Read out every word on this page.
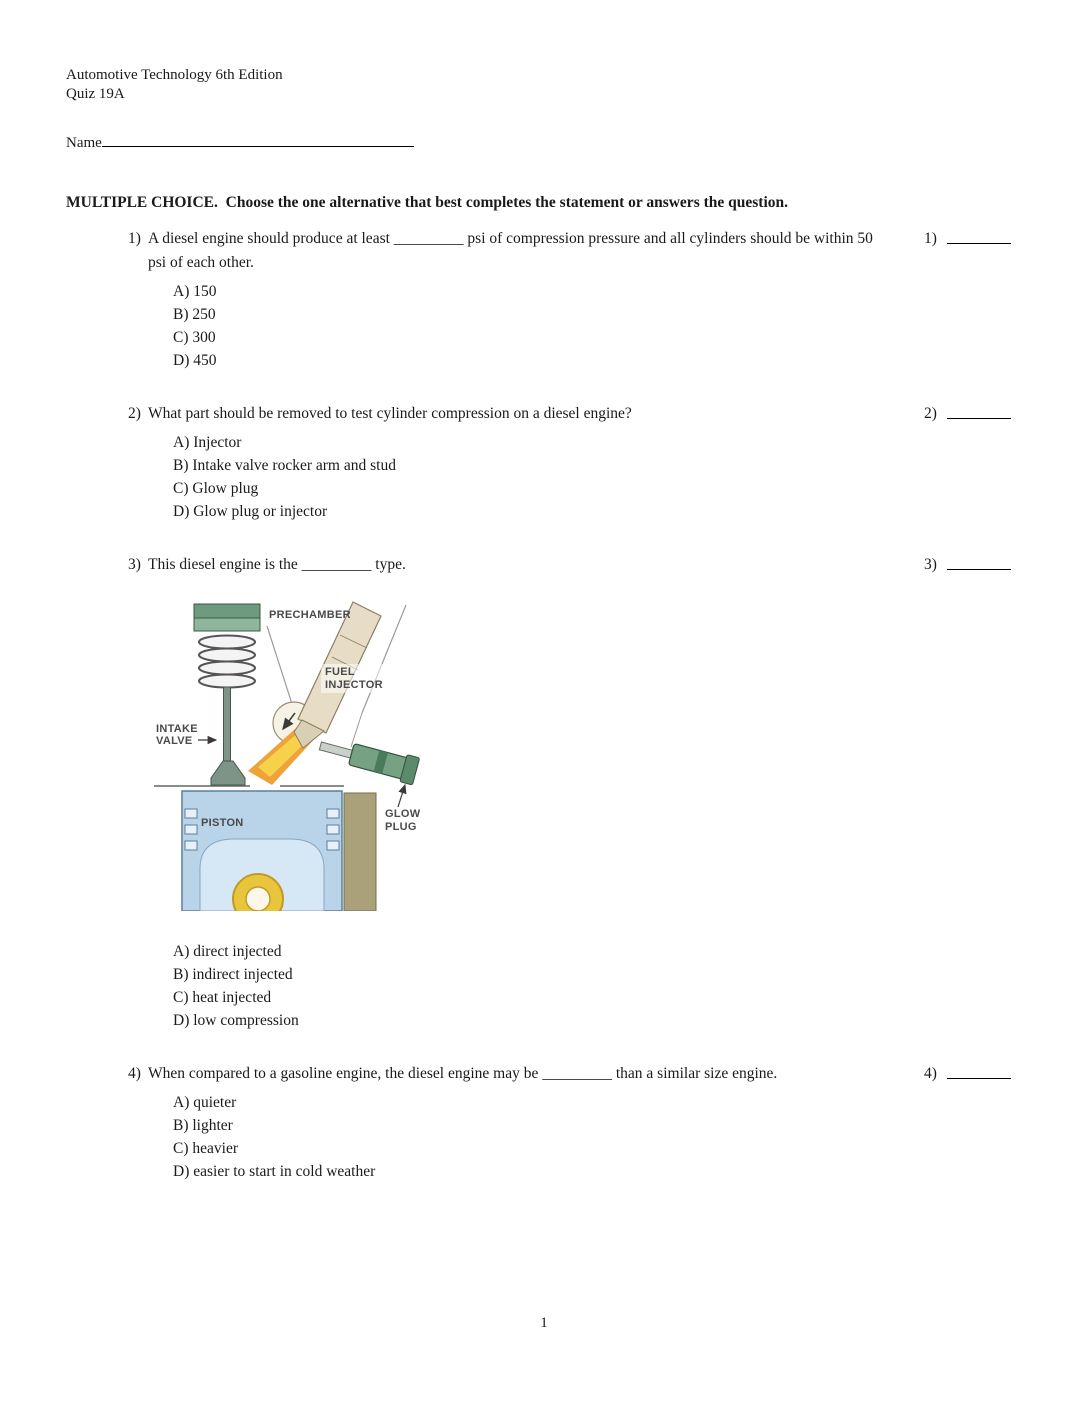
Automotive Technology 6th Edition
Quiz 19A
Name
MULTIPLE CHOICE.  Choose the one alternative that best completes the statement or answers the question.
1) A diesel engine should produce at least _________ psi of compression pressure and all cylinders should be within 50 psi of each other.
A) 150
B) 250
C) 300
D) 450
1)
2) What part should be removed to test cylinder compression on a diesel engine?
A) Injector
B) Intake valve rocker arm and stud
C) Glow plug
D) Glow plug or injector
2)
3) This diesel engine is the _________ type.
PRECHAMBER
FUEL
INJECTOR
INTAKE
VALVE
PISTON
GLOW
PLUG
A) direct injected
B) indirect injected
C) heat injected
D) low compression
3)
4) When compared to a gasoline engine, the diesel engine may be _________ than a similar size engine.
A) quieter
B) lighter
C) heavier
D) easier to start in cold weather
4)
1
